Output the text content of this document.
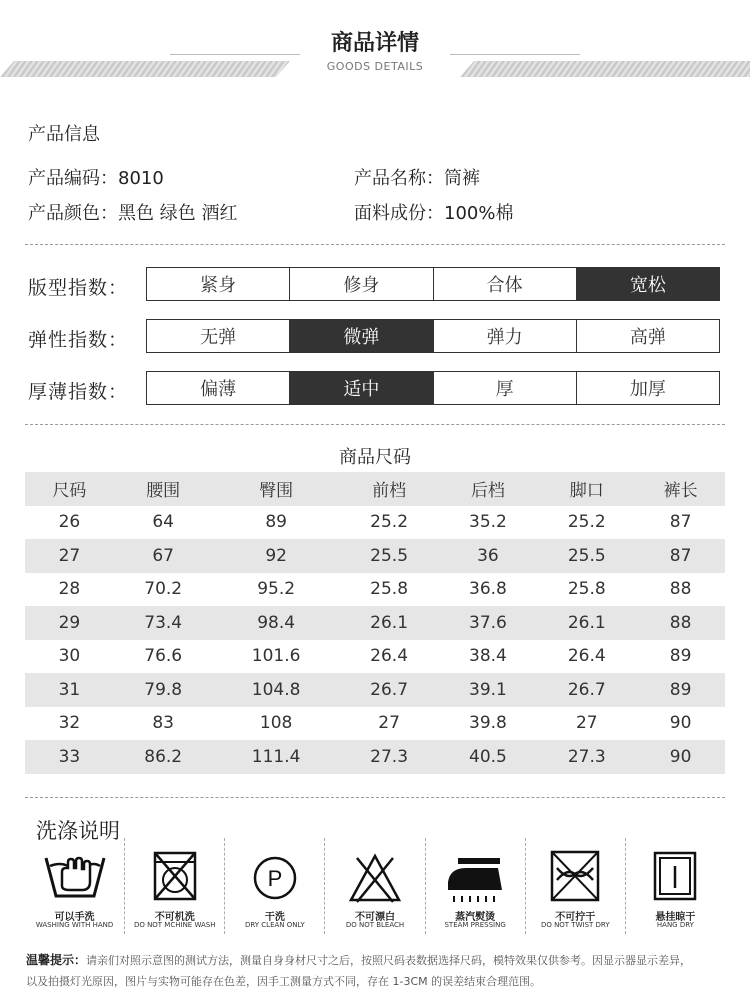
商品详情
GOODS DETAILS
产品信息
产品编码：8010	产品名称：筒裤
产品颜色：黑色 绿色 酒红	面料成份：100%棉
版型指数：	紧身	修身	合体	宽松
弹性指数：	无弹	微弹	弹力	高弹
厚薄指数：	偏薄	适中	厚	加厚
商品尺码
尺码	腰围	臀围	前档	后档	脚口	裤长
26	64	89	25.2	35.2	25.2	87
27	67	92	25.5	36	25.5	87
28	70.2	95.2	25.8	36.8	25.8	88
29	73.4	98.4	26.1	37.6	26.1	88
30	76.6	101.6	26.4	38.4	26.4	89
31	79.8	104.8	26.7	39.1	26.7	89
32	83	108	27	39.8	27	90
33	86.2	111.4	27.3	40.5	27.3	90
洗涤说明
可以手洗
WASHING WITH HAND
不可机洗
DO NOT MCHINE WASH
P
干洗
DRY CLEAN ONLY
不可漂白
DO NOT BLEACH
蒸汽熨烫
STEAM PRESSING
不可拧干
DO NOT TWIST DRY
悬挂晾干
HANG DRY
温馨提示：请亲们对照示意图的测试方法，测量自身身材尺寸之后，按照尺码表数据选择尺码，模特效果仅供参考。因显示器显示差异，
以及拍摄灯光原因，图片与实物可能存在色差，因手工测量方式不同，存在 1-3CM 的误差结束合理范围。
